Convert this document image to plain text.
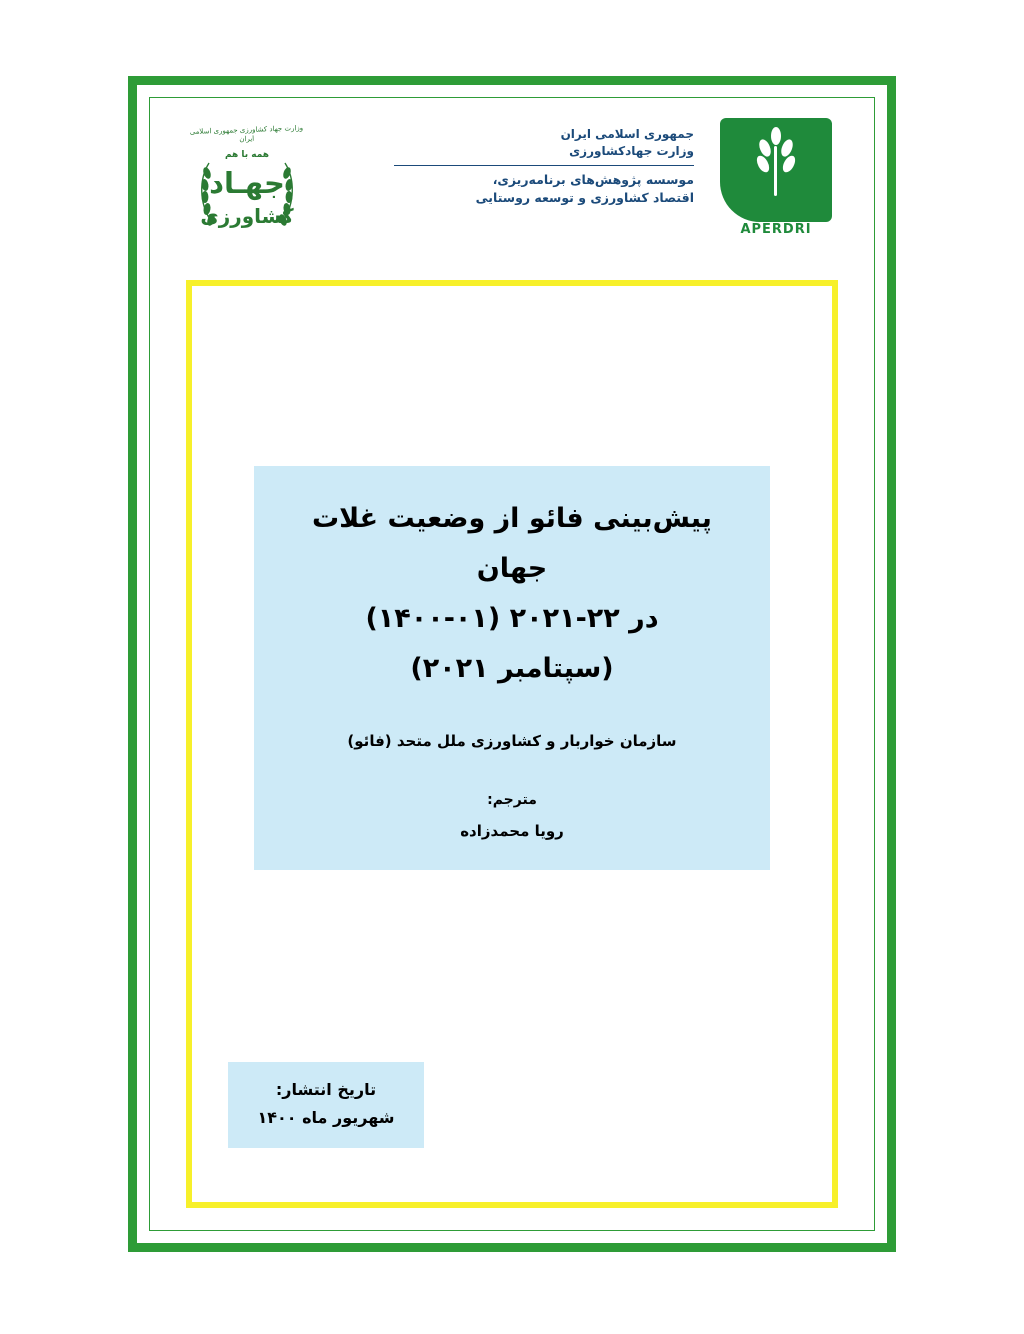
وزارت جهاد کشاورزی جمهوری اسلامی ایران
همه با هم
جهـاد
کشاورزی
جمهوری اسلامی ایران
وزارت جهادکشاورزی
موسسه پژوهش‌های برنامه‌ریزی،
اقتصاد کشاورزی و توسعه روستایی
APERDRI
پیش‌بینی فائو از وضعیت غلات جهان
در ۲۲-۲۰۲۱ (۰۱-۱۴۰۰)
(سپتامبر ۲۰۲۱)
سازمان خواربار و کشاورزی ملل متحد (فائو)
مترجم:
رویا محمدزاده
تاریخ انتشار:
شهریور ماه ۱۴۰۰
